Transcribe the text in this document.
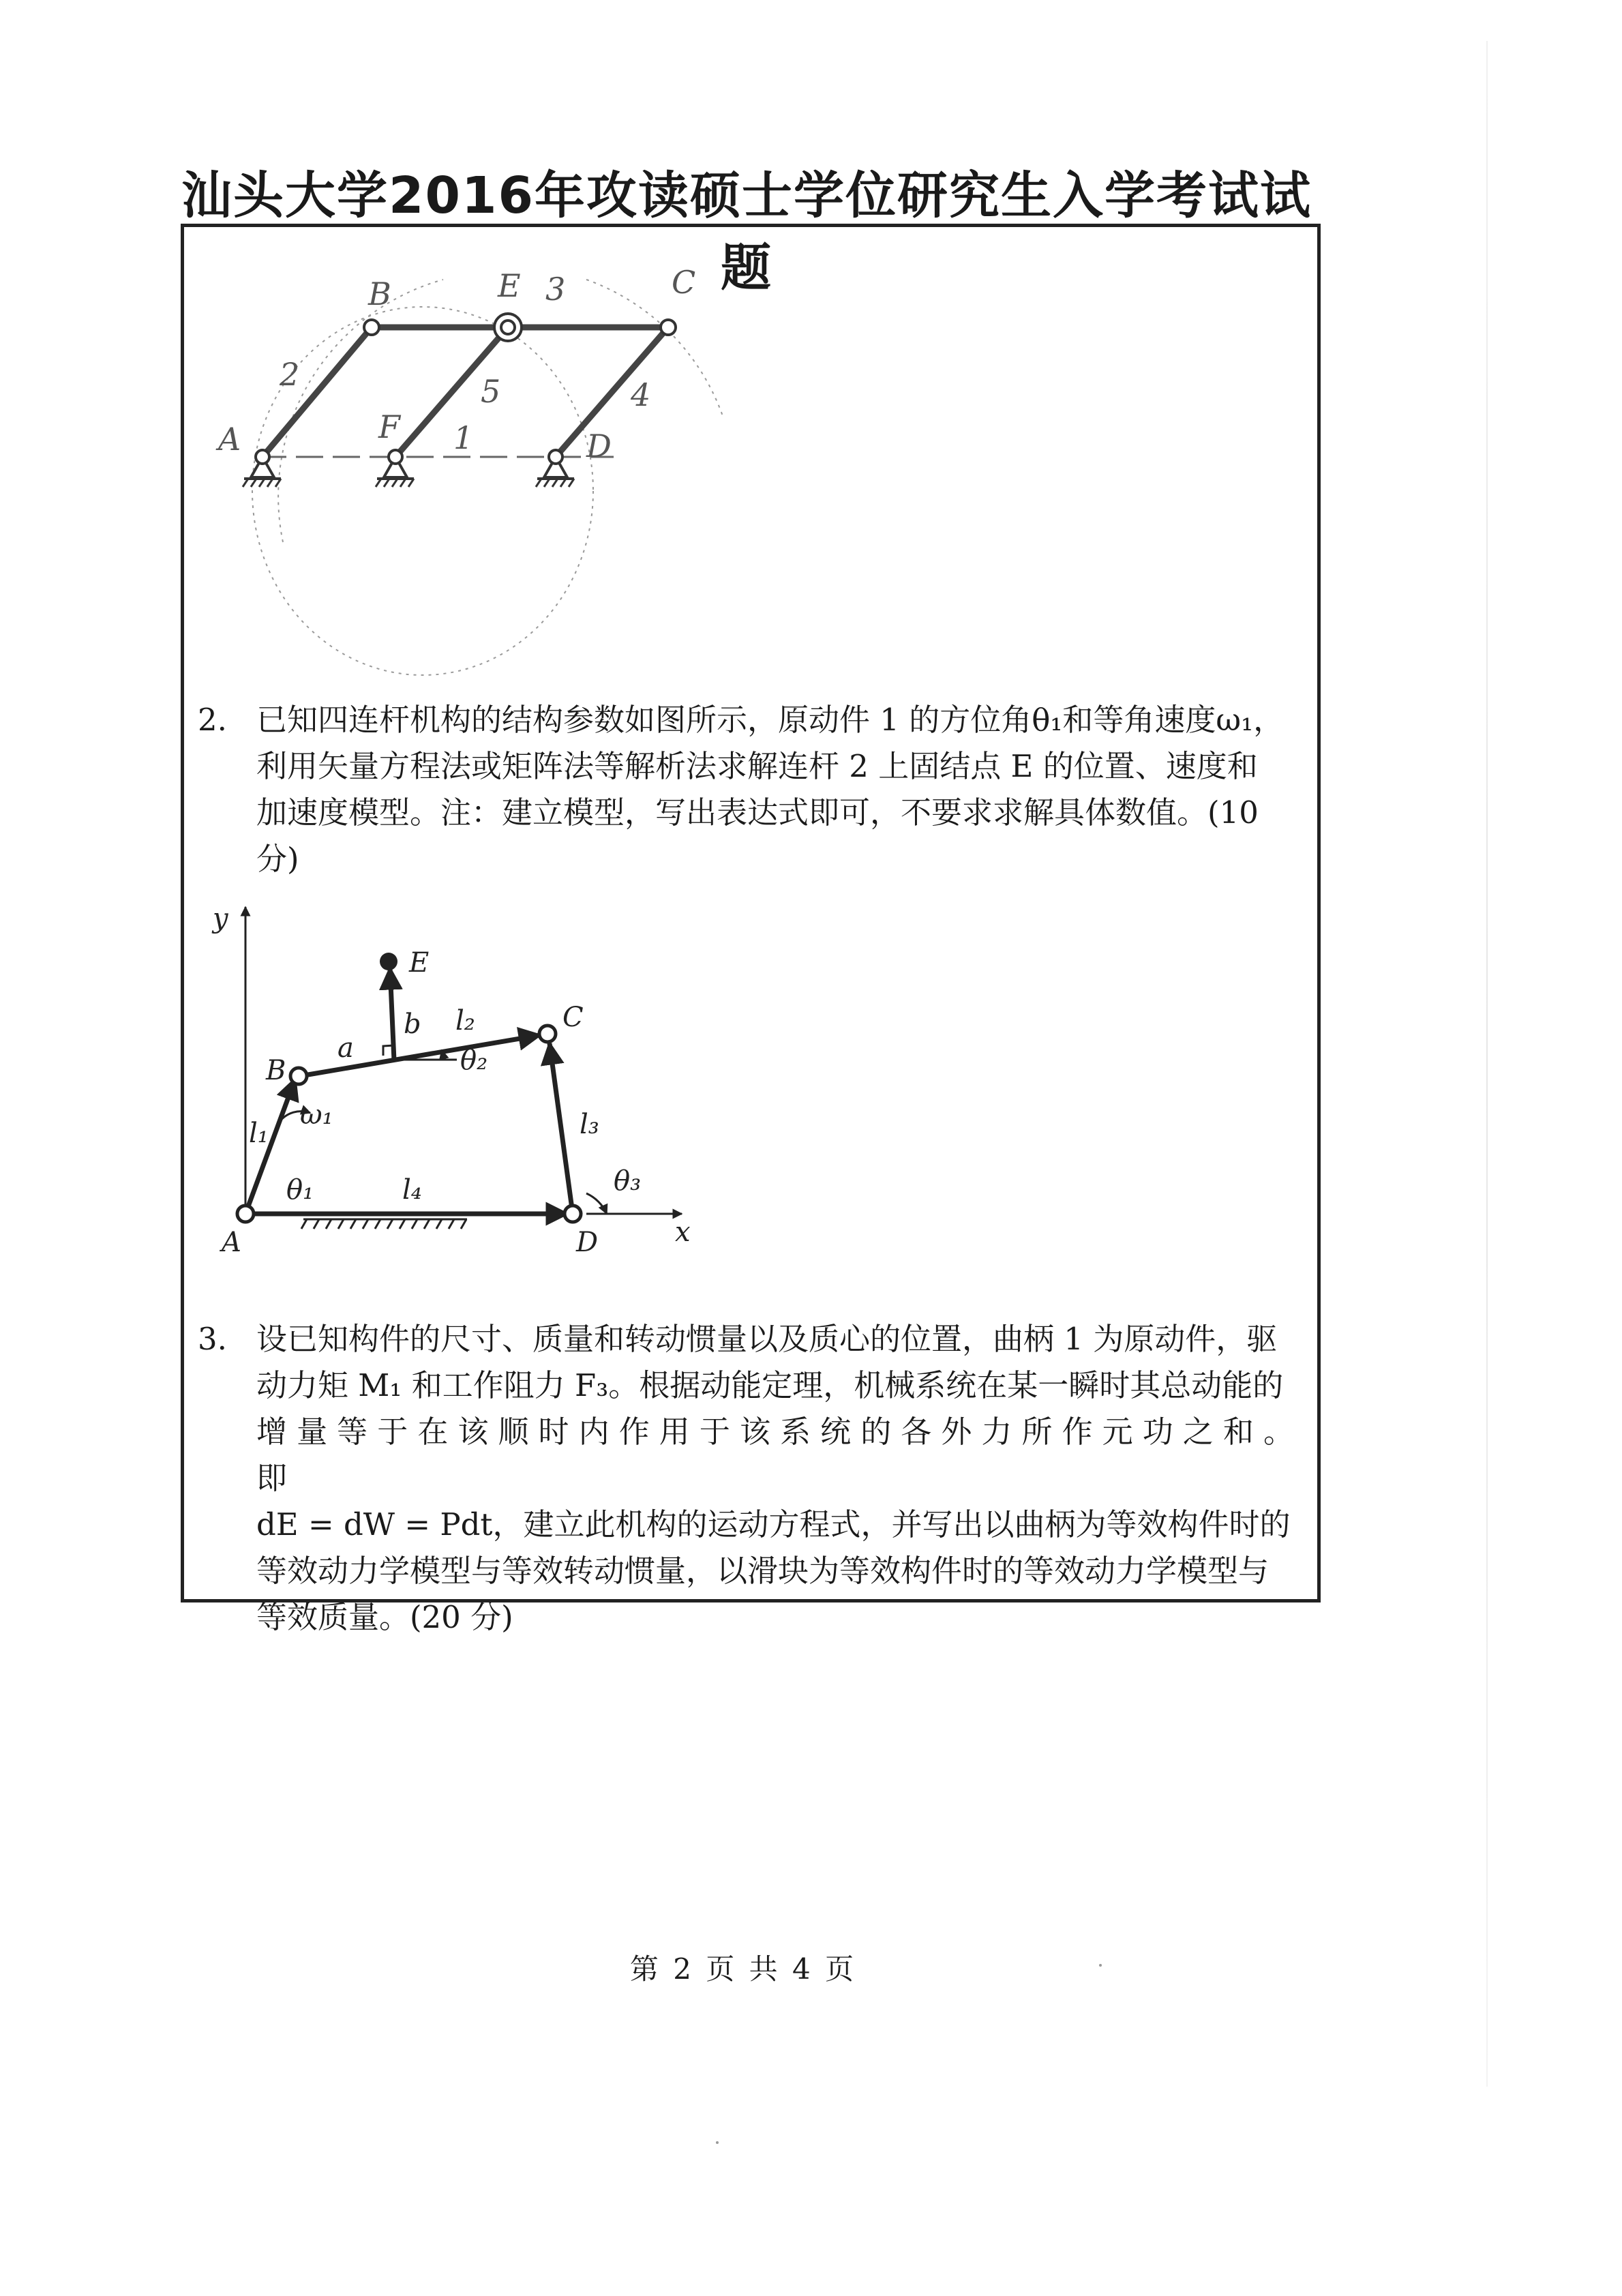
汕头大学2016年攻读硕士学位研究生入学考试试题
A
B	E 3	C
2	5	4
F 1	D
2. 已知四连杆机构的结构参数如图所示，原动件 1 的方位角θ₁和等角速度ω₁，
利用矢量方程法或矩阵法等解析法求解连杆 2 上固结点 E 的位置、速度和
加速度模型。注：建立模型，写出表达式即可，不要求求解具体数值。(10
分)
y
x
A	D
B
C
E
a
b l₂
θ₂
l₁
ω₁
θ₁	l₄
l₃
θ₃
3. 设已知构件的尺寸、质量和转动惯量以及质心的位置，曲柄 1 为原动件，驱
动力矩 M₁ 和工作阻力 F₃。根据动能定理，机械系统在某一瞬时其总动能的
增量等于在该顺时内作用于该系统的各外力所作元功之和。即
dE = dW = Pdt，建立此机构的运动方程式，并写出以曲柄为等效构件时的
等效动力学模型与等效转动惯量，以滑块为等效构件时的等效动力学模型与
等效质量。(20 分)
第 2 页 共 4 页
